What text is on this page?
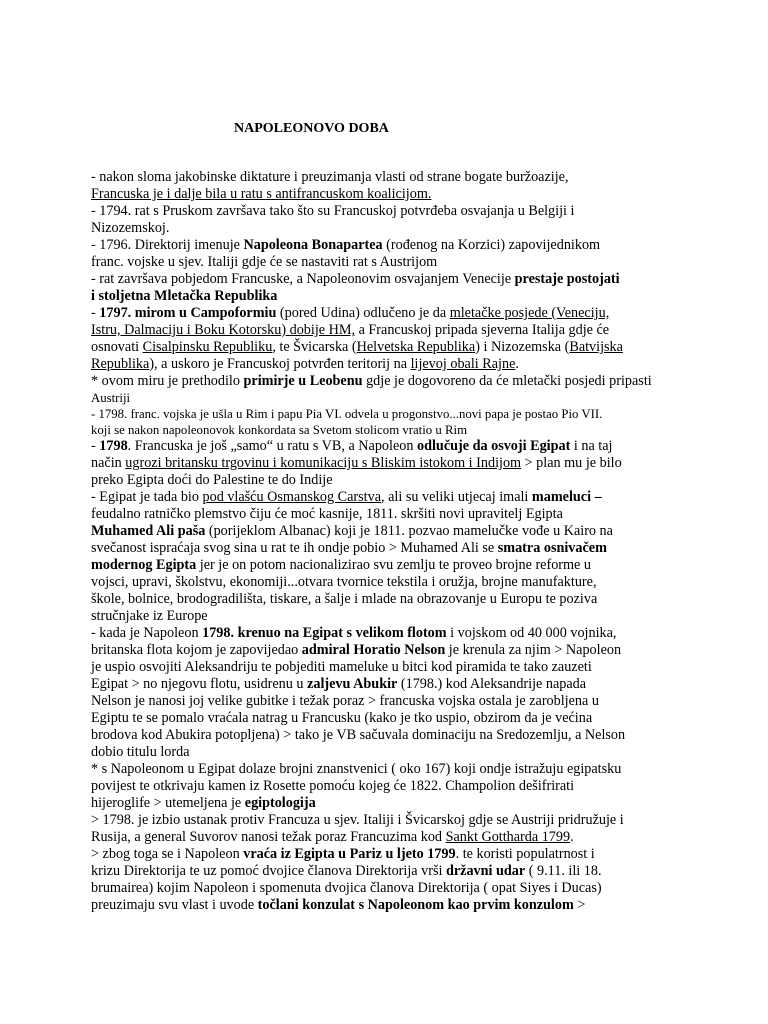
NAPOLEONOVO DOBA
- nakon sloma jakobinske diktature i preuzimanja vlasti od strane bogate buržoazije,
Francuska je i dalje bila u ratu s antifrancuskom koalicijom.
- 1794. rat s Pruskom završava tako što su Francuskoj potvrđeba osvajanja u Belgiji i
Nizozemskoj.
- 1796. Direktorij imenuje Napoleona Bonapartea (rođenog na Korzici) zapovijednikom
franc. vojske u sjev. Italiji gdje će se nastaviti rat s Austrijom
- rat završava pobjedom Francuske, a Napoleonovim osvajanjem Venecije prestaje postojati
i stoljetna Mletačka Republika
- 1797. mirom u Campoformiu (pored Udina) odlučeno je da mletačke posjede (Veneciju,
Istru, Dalmaciju i Boku Kotorsku) dobije HM, a Francuskoj pripada sjeverna Italija gdje će
osnovati Cisalpinsku Republiku, te Švicarska (Helvetska Republika) i Nizozemska (Batvijska
Republika), a uskoro je Francuskoj potvrđen teritorij na lijevoj obali Rajne.
* ovom miru je prethodilo primirje u Leobenu gdje je dogovoreno da će mletački posjedi pripasti
Austriji
- 1798. franc. vojska je ušla u Rim i papu Pia VI. odvela u progonstvo...novi papa je postao Pio VII.
koji se nakon napoleonovok konkordata sa Svetom stolicom vratio u Rim
- 1798. Francuska je još „samo“ u ratu s VB, a Napoleon odlučuje da osvoji Egipat i na taj
način ugrozi britansku trgovinu i komunikaciju s Bliskim istokom i Indijom > plan mu je bilo
preko Egipta doći do Palestine te do Indije
- Egipat je tada bio pod vlašću Osmanskog Carstva, ali su veliki utjecaj imali mameluci –
feudalno ratničko plemstvo čiju će moć kasnije, 1811. skršiti novi upravitelj Egipta
Muhamed Ali paša (porijeklom Albanac) koji je 1811. pozvao mamelučke vođe u Kairo na
svečanost ispraćaja svog sina u rat te ih ondje pobio > Muhamed Ali se smatra osnivačem
modernog Egipta jer je on potom nacionalizirao svu zemlju te proveo brojne reforme u
vojsci, upravi, školstvu, ekonomiji...otvara tvornice tekstila i oružja, brojne manufakture,
škole, bolnice, brodogradilišta, tiskare, a šalje i mlade na obrazovanje u Europu te poziva
stručnjake iz Europe
- kada je Napoleon 1798. krenuo na Egipat s velikom flotom i vojskom od 40 000 vojnika,
britanska flota kojom je zapovijedao admiral Horatio Nelson je krenula za njim > Napoleon
je uspio osvojiti Aleksandriju te pobjediti mameluke u bitci kod piramida te tako zauzeti
Egipat > no njegovu flotu, usidrenu u zaljevu Abukir (1798.) kod Aleksandrije napada
Nelson je nanosi joj velike gubitke i težak poraz > francuska vojska ostala je zarobljena u
Egiptu te se pomalo vraćala natrag u Francusku (kako je tko uspio, obzirom da je većina
brodova kod Abukira potopljena) > tako je VB sačuvala dominaciju na Sredozemlju, a Nelson
dobio titulu lorda
* s Napoleonom u Egipat dolaze brojni znanstvenici ( oko 167) koji ondje istražuju egipatsku
povijest te otkrivaju kamen iz Rosette pomoću kojeg će 1822. Champolion dešifrirati
hijeroglife > utemeljena je egiptologija
> 1798. je izbio ustanak protiv Francuza u sjev. Italiji i Švicarskoj gdje se Austriji pridružuje i
Rusija, a general Suvorov nanosi težak poraz Francuzima kod Sankt Gottharda 1799.
> zbog toga se i Napoleon vraća iz Egipta u Pariz u ljeto 1799. te koristi populatrnost i
krizu Direktorija te uz pomoć dvojice članova Direktorija vrši državni udar ( 9.11. ili 18.
brumairea) kojim Napoleon i spomenuta dvojica članova Direktorija ( opat Siyes i Ducas)
preuzimaju svu vlast i uvode točlani konzulat s Napoleonom kao prvim konzulom >
